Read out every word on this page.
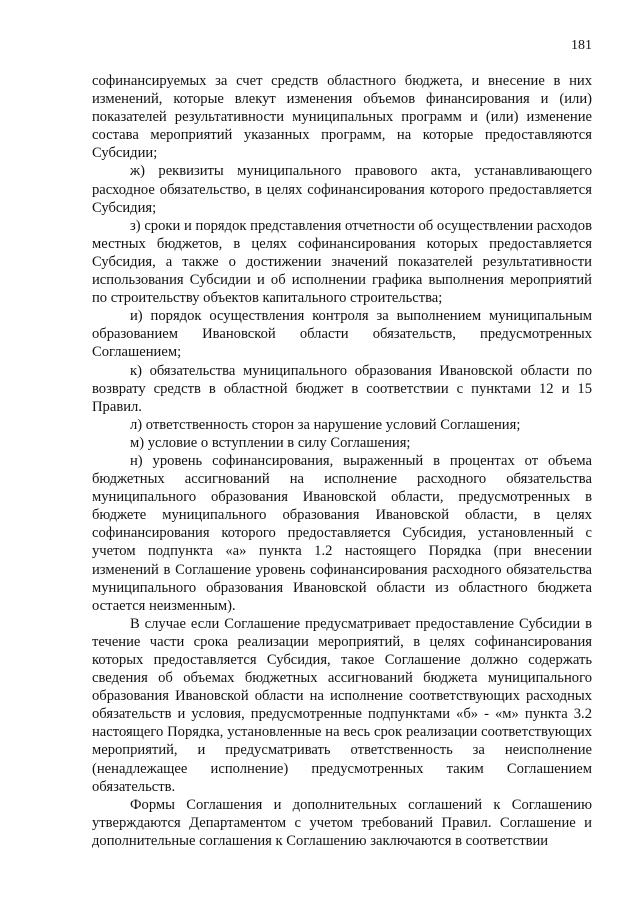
181

софинансируемых за счет средств областного бюджета, и внесение в них изменений, которые влекут изменения объемов финансирования и (или) показателей результативности муниципальных программ и (или) изменение состава мероприятий указанных программ, на которые предоставляются Субсидии;

ж) реквизиты муниципального правового акта, устанавливающего расходное обязательство, в целях софинансирования которого предоставляется Субсидия;

з) сроки и порядок представления отчетности об осуществлении расходов местных бюджетов, в целях софинансирования которых предоставляется Субсидия, а также о достижении значений показателей результативности использования Субсидии и об исполнении графика выполнения мероприятий по строительству объектов капитального строительства;

и) порядок осуществления контроля за выполнением муниципальным образованием Ивановской области обязательств, предусмотренных Соглашением;

к) обязательства муниципального образования Ивановской области по возврату средств в областной бюджет в соответствии с пунктами 12 и 15 Правил.

л) ответственность сторон за нарушение условий Соглашения;

м) условие о вступлении в силу Соглашения;

н) уровень софинансирования, выраженный в процентах от объема бюджетных ассигнований на исполнение расходного обязательства муниципального образования Ивановской области, предусмотренных в бюджете муниципального образования Ивановской области, в целях софинансирования которого предоставляется Субсидия, установленный с учетом подпункта «а» пункта 1.2 настоящего Порядка (при внесении изменений в Соглашение уровень софинансирования расходного обязательства муниципального образования Ивановской области из областного бюджета остается неизменным).

В случае если Соглашение предусматривает предоставление Субсидии в течение части срока реализации мероприятий, в целях софинансирования которых предоставляется Субсидия, такое Соглашение должно содержать сведения об объемах бюджетных ассигнований бюджета муниципального образования Ивановской области на исполнение соответствующих расходных обязательств и условия, предусмотренные подпунктами «б» - «м» пункта 3.2 настоящего Порядка, установленные на весь срок реализации соответствующих мероприятий, и предусматривать ответственность за неисполнение (ненадлежащее исполнение) предусмотренных таким Соглашением обязательств.

Формы Соглашения и дополнительных соглашений к Соглашению утверждаются Департаментом с учетом требований Правил. Соглашение и дополнительные соглашения к Соглашению заключаются в соответствии
